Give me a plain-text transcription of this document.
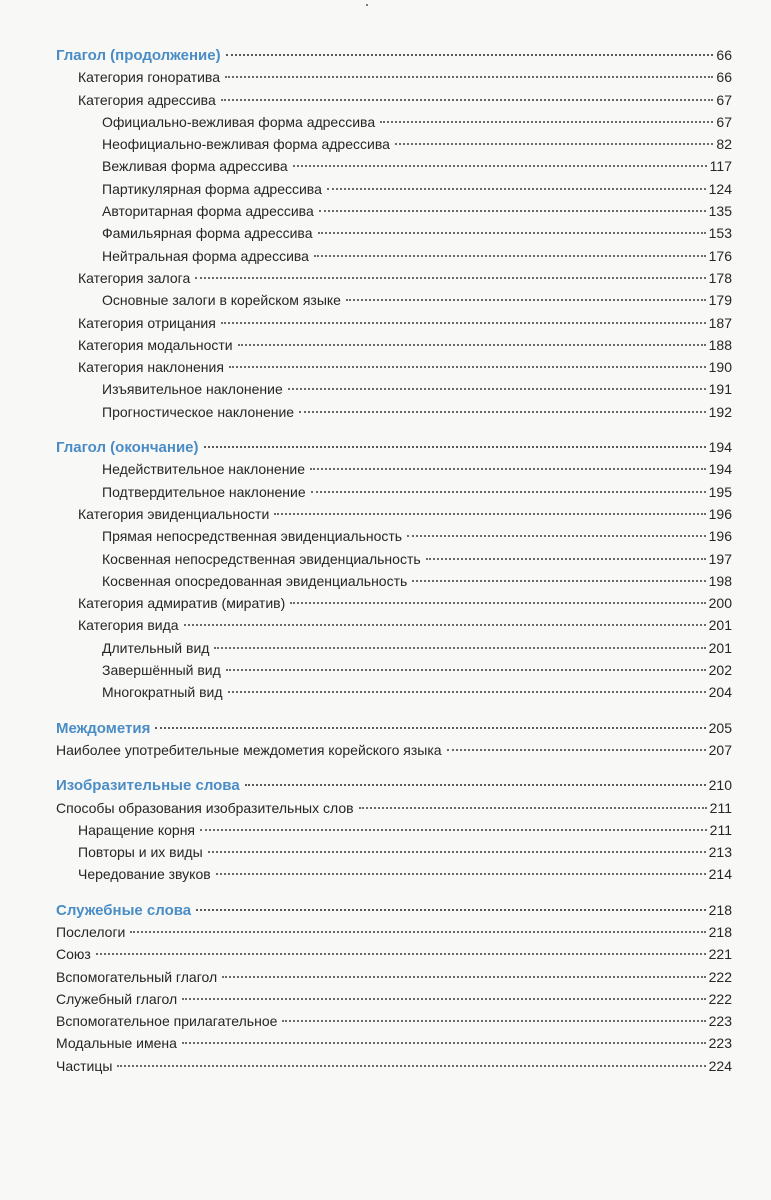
Глагол (продолжение)	66
Категория гоноратива	66
Категория адрессива	67
Официально-вежливая форма адрессива	67
Неофициально-вежливая форма адрессива	82
Вежливая форма адрессива	117
Партикулярная форма адрессива	124
Авторитарная форма адрессива	135
Фамильярная форма адрессива	153
Нейтральная форма адрессива	176
Категория залога	178
Основные залоги в корейском языке	179
Категория отрицания	187
Категория модальности	188
Категория наклонения	190
Изъявительное наклонение	191
Прогностическое наклонение	192
Глагол (окончание)	194
Недействительное наклонение	194
Подтвердительное наклонение	195
Категория эвиденциальности	196
Прямая непосредственная эвиденциальность	196
Косвенная непосредственная эвиденциальность	197
Косвенная опосредованная эвиденциальность	198
Категория адмиратив (миратив)	200
Категория вида	201
Длительный вид	201
Завершённый вид	202
Многократный вид	204
Междометия	205
Наиболее употребительные междометия корейского языка	207
Изобразительные слова	210
Способы образования изобразительных слов	211
Наращение корня	211
Повторы и их виды	213
Чередование звуков	214
Служебные слова	218
Послелоги	218
Союз	221
Вспомогательный глагол	222
Служебный глагол	222
Вспомогательное прилагательное	223
Модальные имена	223
Частицы	224
